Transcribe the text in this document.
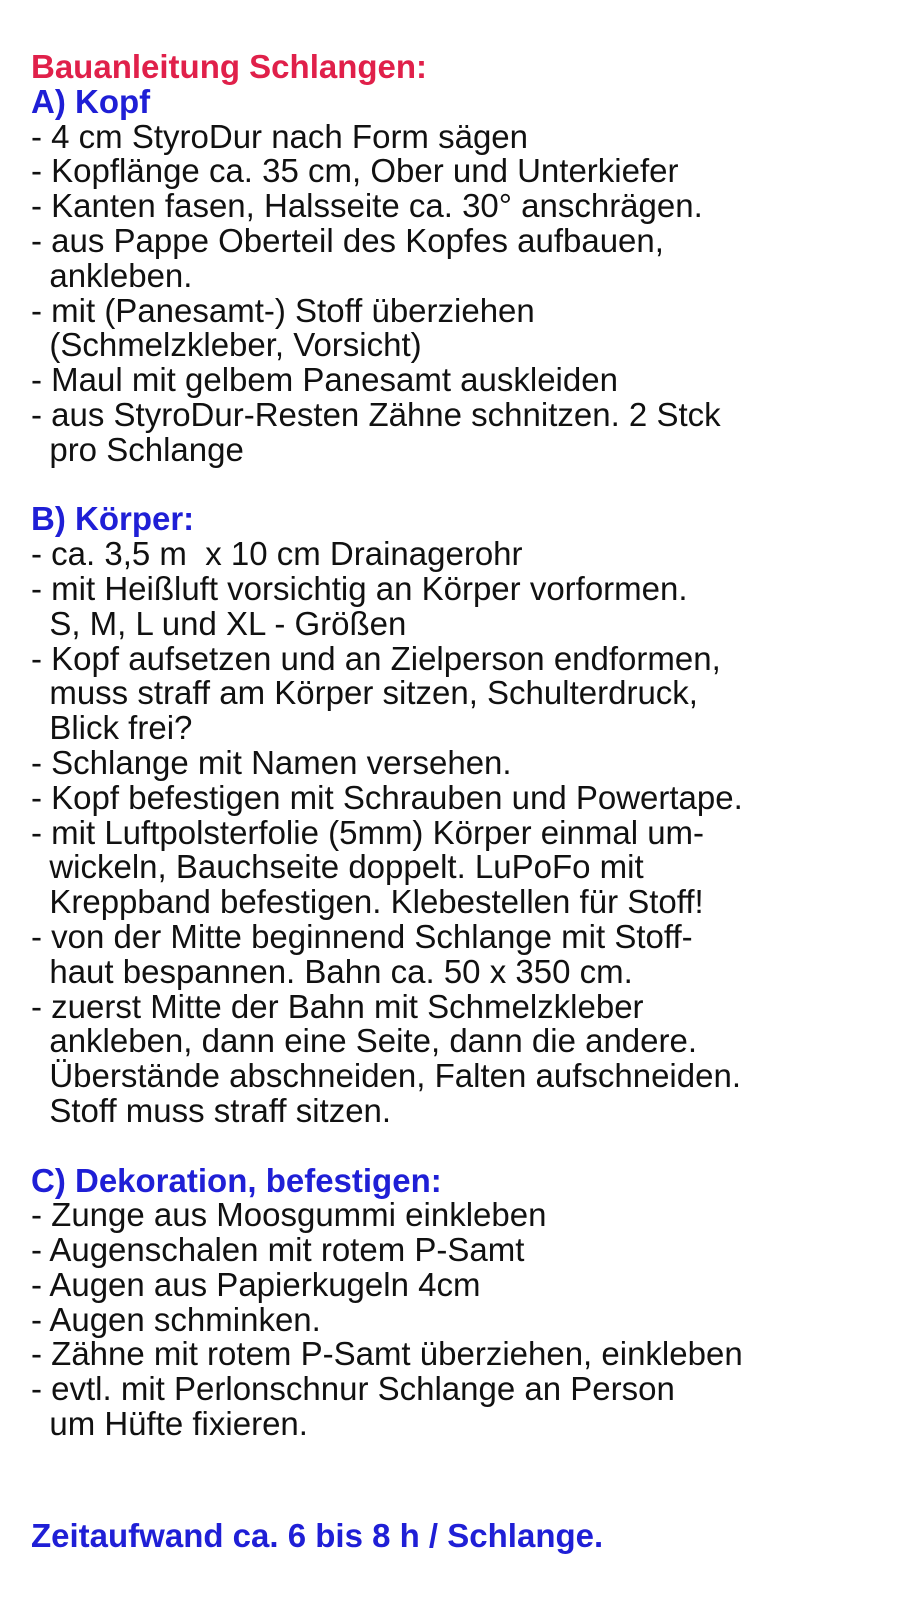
Bauanleitung Schlangen:
A) Kopf
- 4 cm StyroDur nach Form sägen
- Kopflänge ca. 35 cm, Ober und Unterkiefer
- Kanten fasen, Halsseite ca. 30° anschrägen.
- aus Pappe Oberteil des Kopfes aufbauen,
ankleben.
- mit (Panesamt-) Stoff überziehen
(Schmelzkleber, Vorsicht)
- Maul mit gelbem Panesamt auskleiden
- aus StyroDur-Resten Zähne schnitzen. 2 Stck
pro Schlange
B) Körper:
- ca. 3,5 m  x 10 cm Drainagerohr
- mit Heißluft vorsichtig an Körper vorformen.
S, M, L und XL - Größen
- Kopf aufsetzen und an Zielperson endformen,
muss straff am Körper sitzen, Schulterdruck,
Blick frei?
- Schlange mit Namen versehen.
- Kopf befestigen mit Schrauben und Powertape.
- mit Luftpolsterfolie (5mm) Körper einmal um-
wickeln, Bauchseite doppelt. LuPoFo mit
Kreppband befestigen. Klebestellen für Stoff!
- von der Mitte beginnend Schlange mit Stoff-
haut bespannen. Bahn ca. 50 x 350 cm.
- zuerst Mitte der Bahn mit Schmelzkleber
ankleben, dann eine Seite, dann die andere.
Überstände abschneiden, Falten aufschneiden.
Stoff muss straff sitzen.
C) Dekoration, befestigen:
- Zunge aus Moosgummi einkleben
- Augenschalen mit rotem P-Samt
- Augen aus Papierkugeln 4cm
- Augen schminken.
- Zähne mit rotem P-Samt überziehen, einkleben
- evtl. mit Perlonschnur Schlange an Person
um Hüfte fixieren.
Zeitaufwand ca. 6 bis 8 h / Schlange.
